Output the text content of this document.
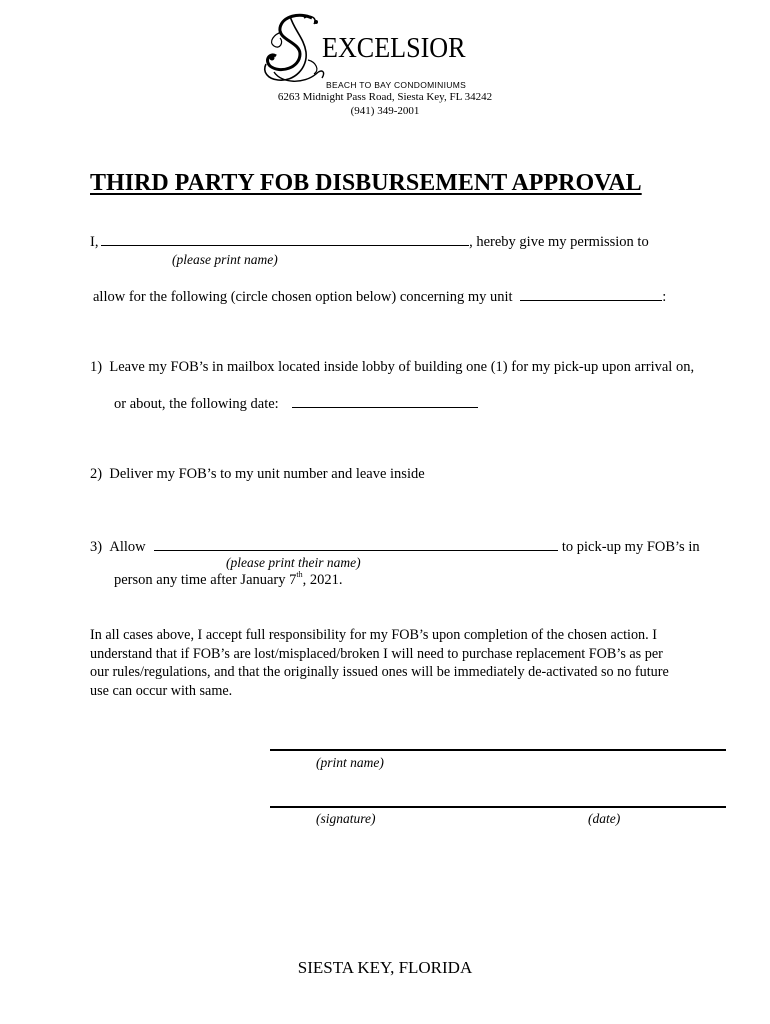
EXCELSIOR
BEACH TO BAY CONDOMINIUMS
6263 Midnight Pass Road, Siesta Key, FL 34242
(941) 349-2001
THIRD PARTY FOB DISBURSEMENT APPROVAL
I,	, hereby give my permission to
(please print name)
allow for the following (circle chosen option below) concerning my unit	:
1) Leave my FOB’s in mailbox located inside lobby of building one (1) for my pick-up upon arrival on,
or about, the following date:
2) Deliver my FOB’s to my unit number and leave inside
3) Allow	to pick-up my FOB’s in
(please print their name)
person any time after January 7th, 2021.
In all cases above, I accept full responsibility for my FOB’s upon completion of the chosen action. I
understand that if FOB’s are lost/misplaced/broken I will need to purchase replacement FOB’s as per
our rules/regulations, and that the originally issued ones will be immediately de-activated so no future
use can occur with same.
(print name)
(signature)	(date)
SIESTA KEY, FLORIDA
